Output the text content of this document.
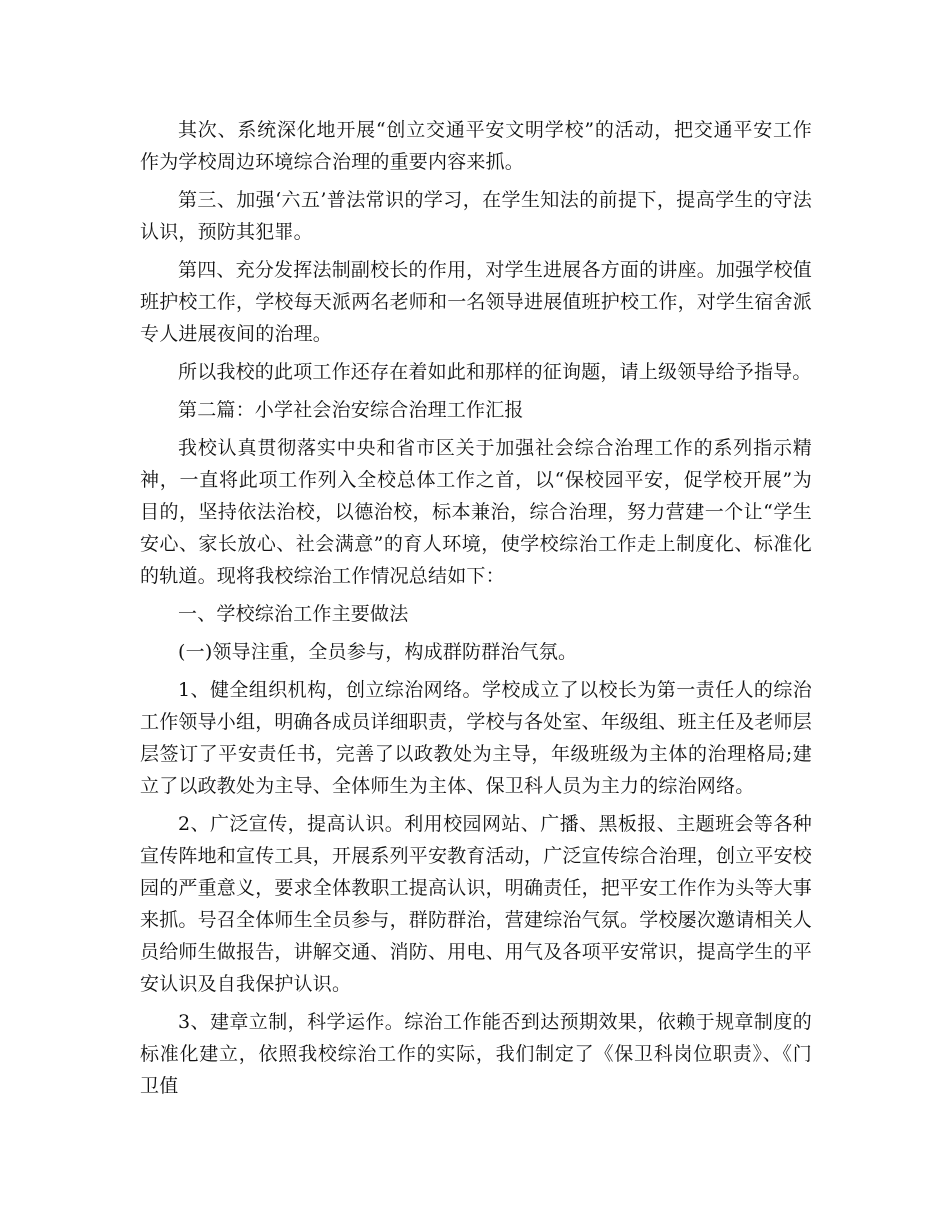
其次、系统深化地开展“创立交通平安文明学校”的活动，把交通平安工作作为学校周边环境综合治理的重要内容来抓。

第三、加强‘六五’普法常识的学习，在学生知法的前提下，提高学生的守法认识，预防其犯罪。

第四、充分发挥法制副校长的作用，对学生进展各方面的讲座。加强学校值班护校工作，学校每天派两名老师和一名领导进展值班护校工作，对学生宿舍派专人进展夜间的治理。

所以我校的此项工作还存在着如此和那样的征询题，请上级领导给予指导。

第二篇：小学社会治安综合治理工作汇报

我校认真贯彻落实中央和省市区关于加强社会综合治理工作的系列指示精神，一直将此项工作列入全校总体工作之首，以“保校园平安，促学校开展”为目的，坚持依法治校，以德治校，标本兼治，综合治理，努力营建一个让“学生安心、家长放心、社会满意”的育人环境，使学校综治工作走上制度化、标准化的轨道。现将我校综治工作情况总结如下：

一、学校综治工作主要做法

(一)领导注重，全员参与，构成群防群治气氛。

1、健全组织机构，创立综治网络。学校成立了以校长为第一责任人的综治工作领导小组，明确各成员详细职责，学校与各处室、年级组、班主任及老师层层签订了平安责任书，完善了以政教处为主导，年级班级为主体的治理格局;建立了以政教处为主导、全体师生为主体、保卫科人员为主力的综治网络。

2、广泛宣传，提高认识。利用校园网站、广播、黑板报、主题班会等各种宣传阵地和宣传工具，开展系列平安教育活动，广泛宣传综合治理，创立平安校园的严重意义，要求全体教职工提高认识，明确责任，把平安工作作为头等大事来抓。号召全体师生全员参与，群防群治，营建综治气氛。学校屡次邀请相关人员给师生做报告，讲解交通、消防、用电、用气及各项平安常识，提高学生的平安认识及自我保护认识。

3、建章立制，科学运作。综治工作能否到达预期效果，依赖于规章制度的标准化建立，依照我校综治工作的实际，我们制定了《保卫科岗位职责》、《门卫值
